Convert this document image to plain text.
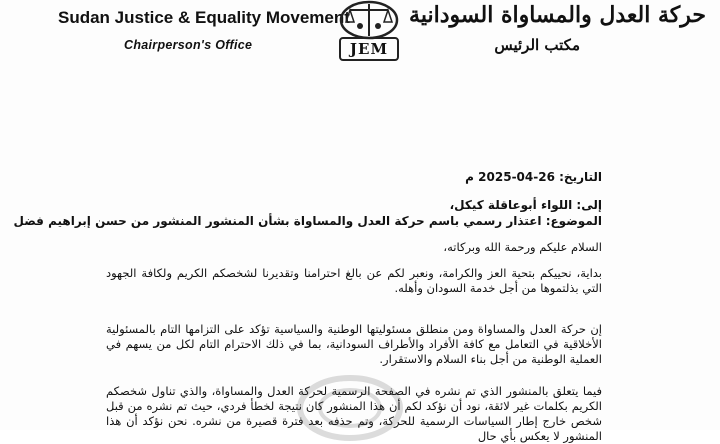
Sudan Justice & Equality Movement
Chairperson's Office	JEM
حركة العدل والمساواة السودانية
مكتب الرئيس
التاريخ: 26-04-2025 م
إلى: اللواء أبوعاقلة كيكل،
الموضوع: اعتذار رسمي باسم حركة العدل والمساواة بشأن المنشور المنشور من حسن إبراهيم فضل
السلام عليكم ورحمة الله وبركاته،
بداية، نحييكم بتحية العز والكرامة، ونعبر لكم عن بالغ احترامنا وتقديرنا لشخصكم الكريم ولكافة الجهود التي بذلتموها من أجل خدمة السودان وأهله.
إن حركة العدل والمساواة ومن منطلق مسئوليتها الوطنية والسياسية تؤكد على التزامها التام بالمسئولية الأخلاقية في التعامل مع كافة الأفراد والأطراف السودانية، بما في ذلك الاحترام التام لكل من يسهم في العملية الوطنية من أجل بناء السلام والاستقرار.
فيما يتعلق بالمنشور الذي تم نشره في الصفحة الرسمية لحركة العدل والمساواة، والذي تناول شخصكم الكريم بكلمات غير لائقة، نود أن نؤكد لكم أن هذا المنشور كان نتيجة لخطأ فردي، حيث تم نشره من قبل شخص خارج إطار السياسات الرسمية للحركة، وتم حذفه بعد فترة قصيرة من نشره. نحن نؤكد أن هذا المنشور لا يعكس بأي حال
